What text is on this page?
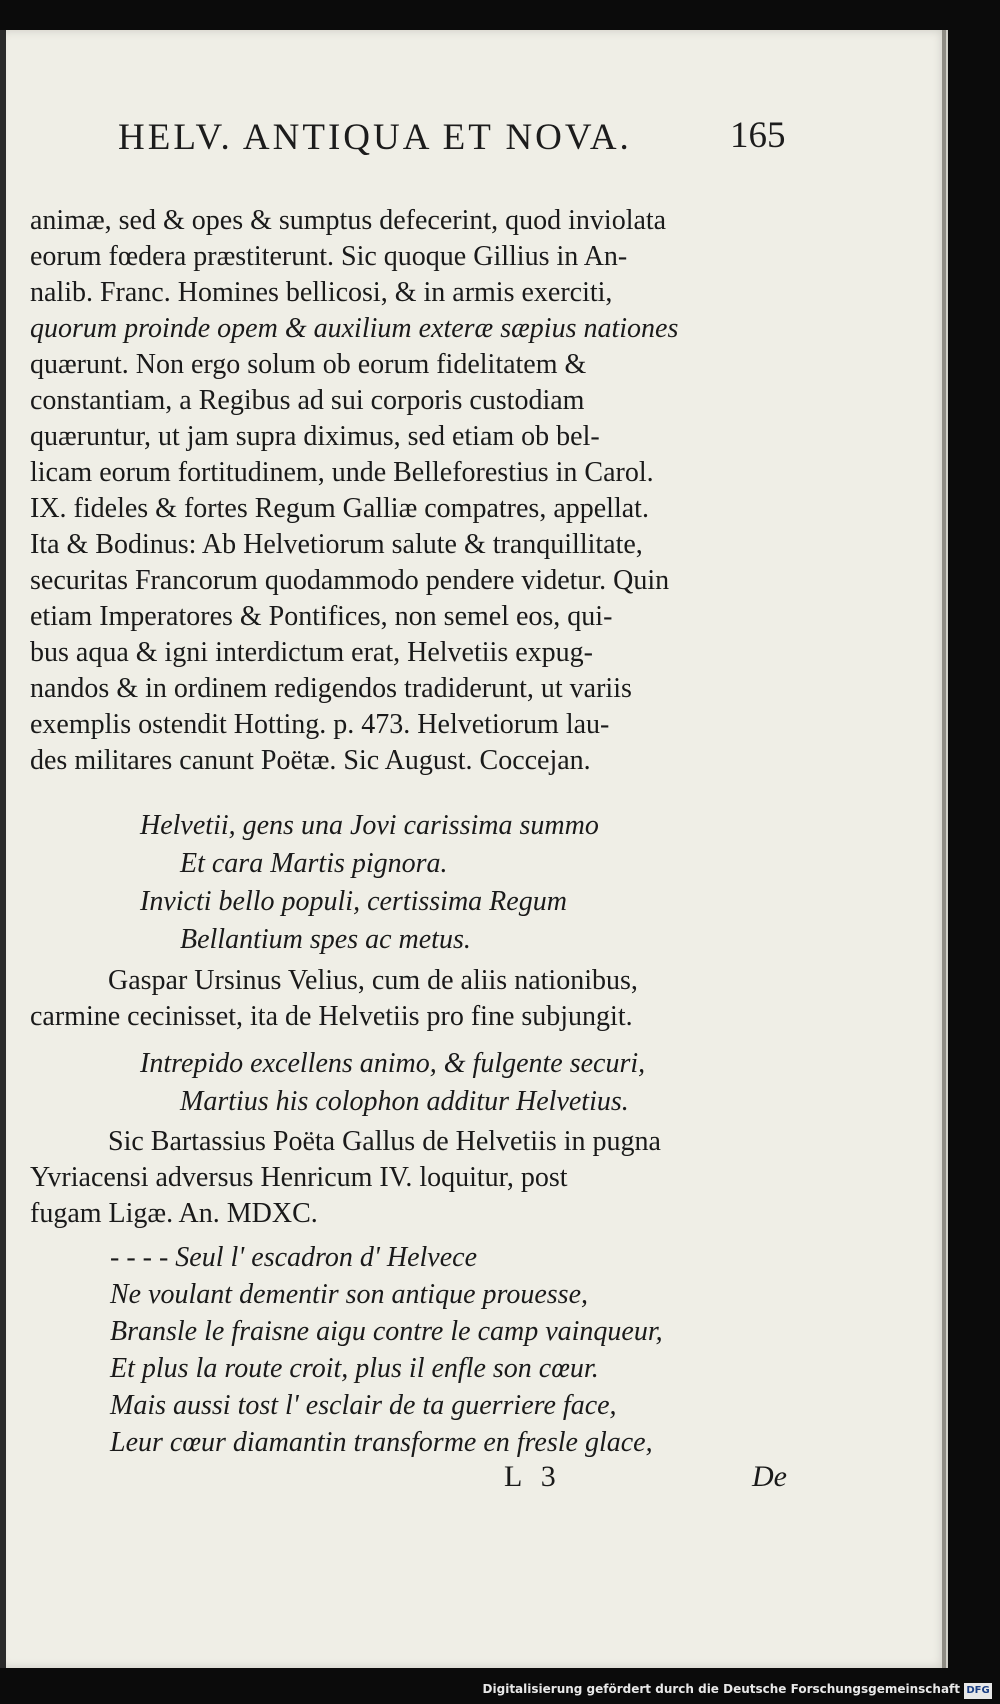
HELV. ANTIQUA ET NOVA.	165
animæ, sed & opes & sumptus defecerint, quod inviolata
eorum fœdera præstiterunt. Sic quoque Gillius in An-
nalib. Franc. Homines bellicosi, & in armis exerciti,
quorum proinde opem & auxilium exteræ sæpius nationes
quærunt. Non ergo solum ob eorum fidelitatem &
constantiam, a Regibus ad sui corporis custodiam
quæruntur, ut jam supra diximus, sed etiam ob bel-
licam eorum fortitudinem, unde Belleforestius in Carol.
IX. fideles & fortes Regum Galliæ compatres, appellat.
Ita & Bodinus: Ab Helvetiorum salute & tranquillitate,
securitas Francorum quodammodo pendere videtur. Quin
etiam Imperatores & Pontifices, non semel eos, qui-
bus aqua & igni interdictum erat, Helvetiis expug-
nandos & in ordinem redigendos tradiderunt, ut variis
exemplis ostendit Hotting. p. 473. Helvetiorum lau-
des militares canunt Poëtæ. Sic August. Coccejan.
Helvetii, gens una Jovi carissima summo
Et cara Martis pignora.
Invicti bello populi, certissima Regum
Bellantium spes ac metus.
Gaspar Ursinus Velius, cum de aliis nationibus,
carmine cecinisset, ita de Helvetiis pro fine subjungit.
Intrepido excellens animo, & fulgente securi,
Martius his colophon additur Helvetius.
Sic Bartassius Poëta Gallus de Helvetiis in pugna
Yvriacensi adversus Henricum IV. loquitur, post
fugam Ligæ. An. MDXC.
- - - - Seul l' escadron d' Helvece
Ne voulant dementir son antique prouesse,
Bransle le fraisne aigu contre le camp vainqueur,
Et plus la route croit, plus il enfle son cœur.
Mais aussi tost l' esclair de ta guerriere face,
Leur cœur diamantin transforme en fresle glace,
L 3	De
Digitalisierung gefördert durch die Deutsche Forschungsgemeinschaft DFG
